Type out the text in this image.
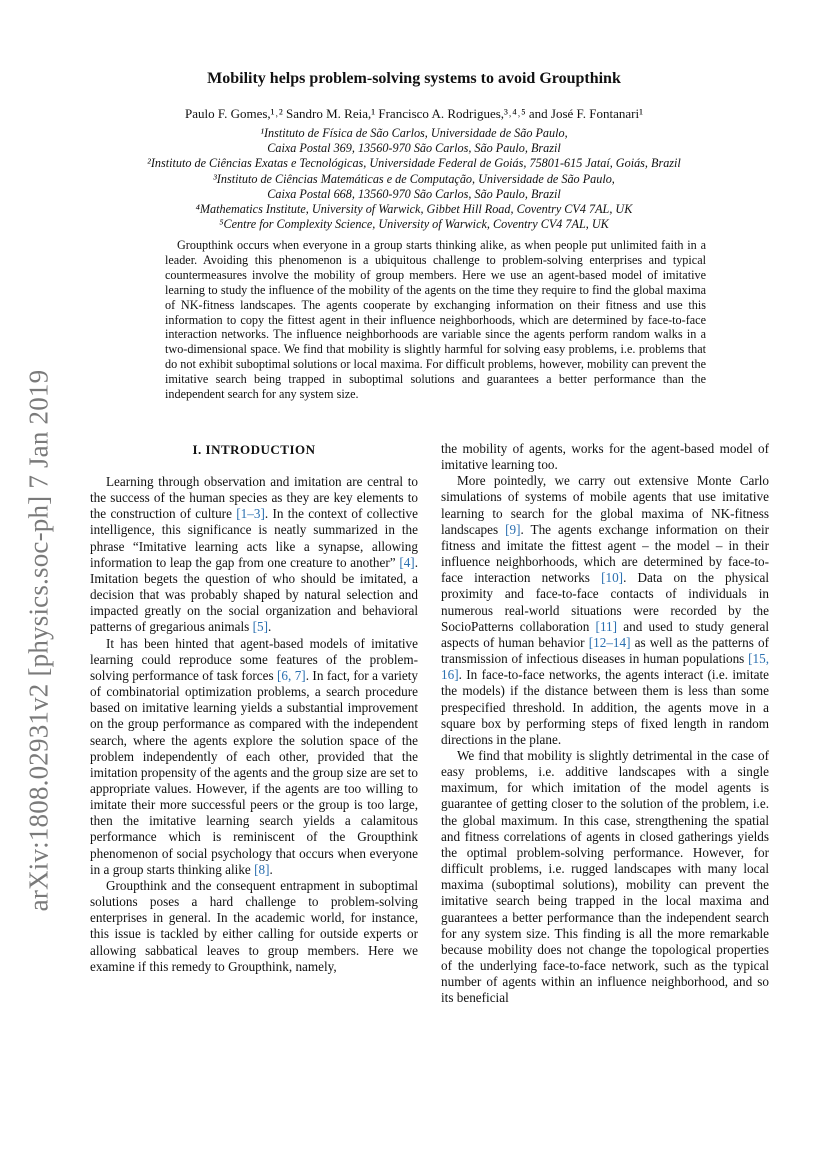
arXiv:1808.02931v2 [physics.soc-ph] 7 Jan 2019
Mobility helps problem-solving systems to avoid Groupthink
Paulo F. Gomes,¹˒² Sandro M. Reia,¹ Francisco A. Rodrigues,³˒⁴˒⁵ and José F. Fontanari¹
¹Instituto de Física de São Carlos, Universidade de São Paulo,
Caixa Postal 369, 13560-970 São Carlos, São Paulo, Brazil
²Instituto de Ciências Exatas e Tecnológicas, Universidade Federal de Goiás, 75801-615 Jataí, Goiás, Brazil
³Instituto de Ciências Matemáticas e de Computação, Universidade de São Paulo,
Caixa Postal 668, 13560-970 São Carlos, São Paulo, Brazil
⁴Mathematics Institute, University of Warwick, Gibbet Hill Road, Coventry CV4 7AL, UK
⁵Centre for Complexity Science, University of Warwick, Coventry CV4 7AL, UK
Groupthink occurs when everyone in a group starts thinking alike, as when people put unlimited faith in a leader. Avoiding this phenomenon is a ubiquitous challenge to problem-solving enterprises and typical countermeasures involve the mobility of group members. Here we use an agent-based model of imitative learning to study the influence of the mobility of the agents on the time they require to find the global maxima of NK-fitness landscapes. The agents cooperate by exchanging information on their fitness and use this information to copy the fittest agent in their influence neighborhoods, which are determined by face-to-face interaction networks. The influence neighborhoods are variable since the agents perform random walks in a two-dimensional space. We find that mobility is slightly harmful for solving easy problems, i.e. problems that do not exhibit suboptimal solutions or local maxima. For difficult problems, however, mobility can prevent the imitative search being trapped in suboptimal solutions and guarantees a better performance than the independent search for any system size.
I. INTRODUCTION

Learning through observation and imitation are central to the success of the human species as they are key elements to the construction of culture [1–3]. In the context of collective intelligence, this significance is neatly summarized in the phrase “Imitative learning acts like a synapse, allowing information to leap the gap from one creature to another” [4]. Imitation begets the question of who should be imitated, a decision that was probably shaped by natural selection and impacted greatly on the social organization and behavioral patterns of gregarious animals [5].

It has been hinted that agent-based models of imitative learning could reproduce some features of the problem-solving performance of task forces [6, 7]. In fact, for a variety of combinatorial optimization problems, a search procedure based on imitative learning yields a substantial improvement on the group performance as compared with the independent search, where the agents explore the solution space of the problem independently of each other, provided that the imitation propensity of the agents and the group size are set to appropriate values. However, if the agents are too willing to imitate their more successful peers or the group is too large, then the imitative learning search yields a calamitous performance which is reminiscent of the Groupthink phenomenon of social psychology that occurs when everyone in a group starts thinking alike [8].

Groupthink and the consequent entrapment in suboptimal solutions poses a hard challenge to problem-solving enterprises in general. In the academic world, for instance, this issue is tackled by either calling for outside experts or allowing sabbatical leaves to group members. Here we examine if this remedy to Groupthink, namely,

the mobility of agents, works for the agent-based model of imitative learning too.

More pointedly, we carry out extensive Monte Carlo simulations of systems of mobile agents that use imitative learning to search for the global maxima of NK-fitness landscapes [9]. The agents exchange information on their fitness and imitate the fittest agent – the model – in their influence neighborhoods, which are determined by face-to-face interaction networks [10]. Data on the physical proximity and face-to-face contacts of individuals in numerous real-world situations were recorded by the SocioPatterns collaboration [11] and used to study general aspects of human behavior [12–14] as well as the patterns of transmission of infectious diseases in human populations [15, 16]. In face-to-face networks, the agents interact (i.e. imitate the models) if the distance between them is less than some prespecified threshold. In addition, the agents move in a square box by performing steps of fixed length in random directions in the plane.

We find that mobility is slightly detrimental in the case of easy problems, i.e. additive landscapes with a single maximum, for which imitation of the model agents is guarantee of getting closer to the solution of the problem, i.e. the global maximum. In this case, strengthening the spatial and fitness correlations of agents in closed gatherings yields the optimal problem-solving performance. However, for difficult problems, i.e. rugged landscapes with many local maxima (suboptimal solutions), mobility can prevent the imitative search being trapped in the local maxima and guarantees a better performance than the independent search for any system size. This finding is all the more remarkable because mobility does not change the topological properties of the underlying face-to-face network, such as the typical number of agents within an influence neighborhood, and so its beneficial
